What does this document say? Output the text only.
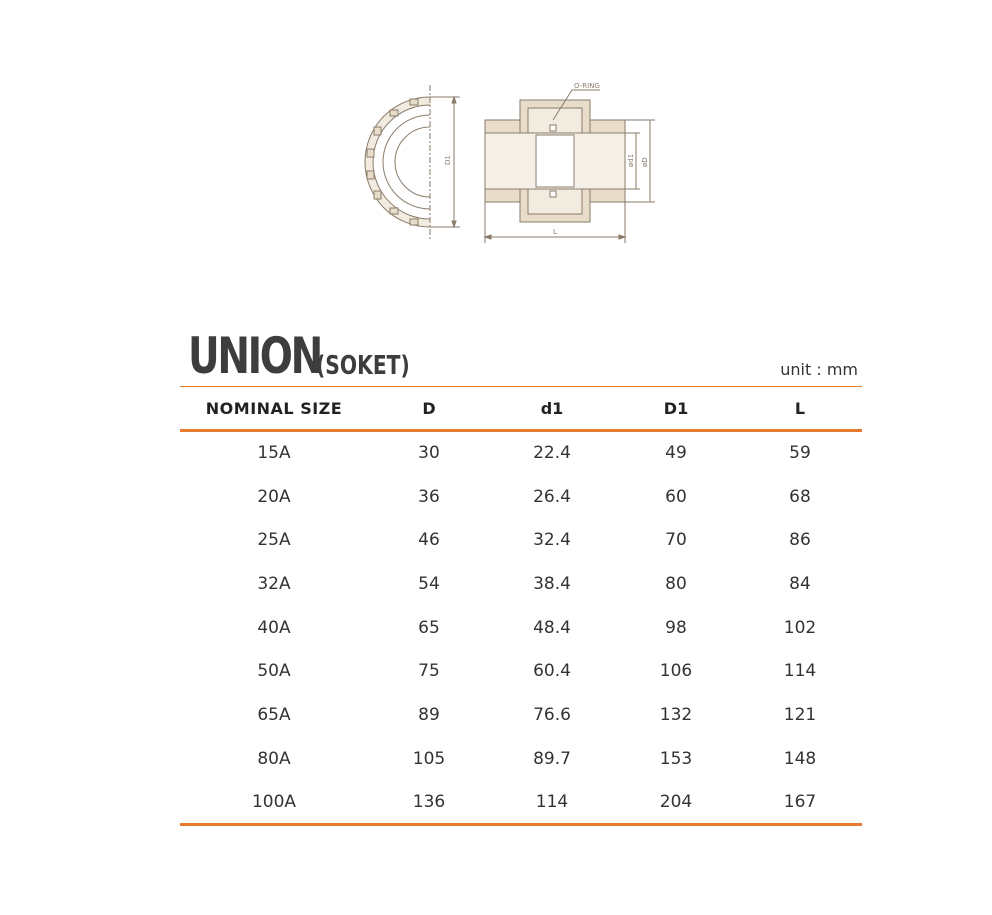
D1
O-RING
ød1 øD
L
UNION
(SOKET)	unit : mm
NOMINAL SIZE	D	d1	D1	L
15A	30	22.4	49	59
20A	36	26.4	60	68
25A	46	32.4	70	86
32A	54	38.4	80	84
40A	65	48.4	98	102
50A	75	60.4	106	114
65A	89	76.6	132	121
80A	105	89.7	153	148
100A	136	114	204	167
